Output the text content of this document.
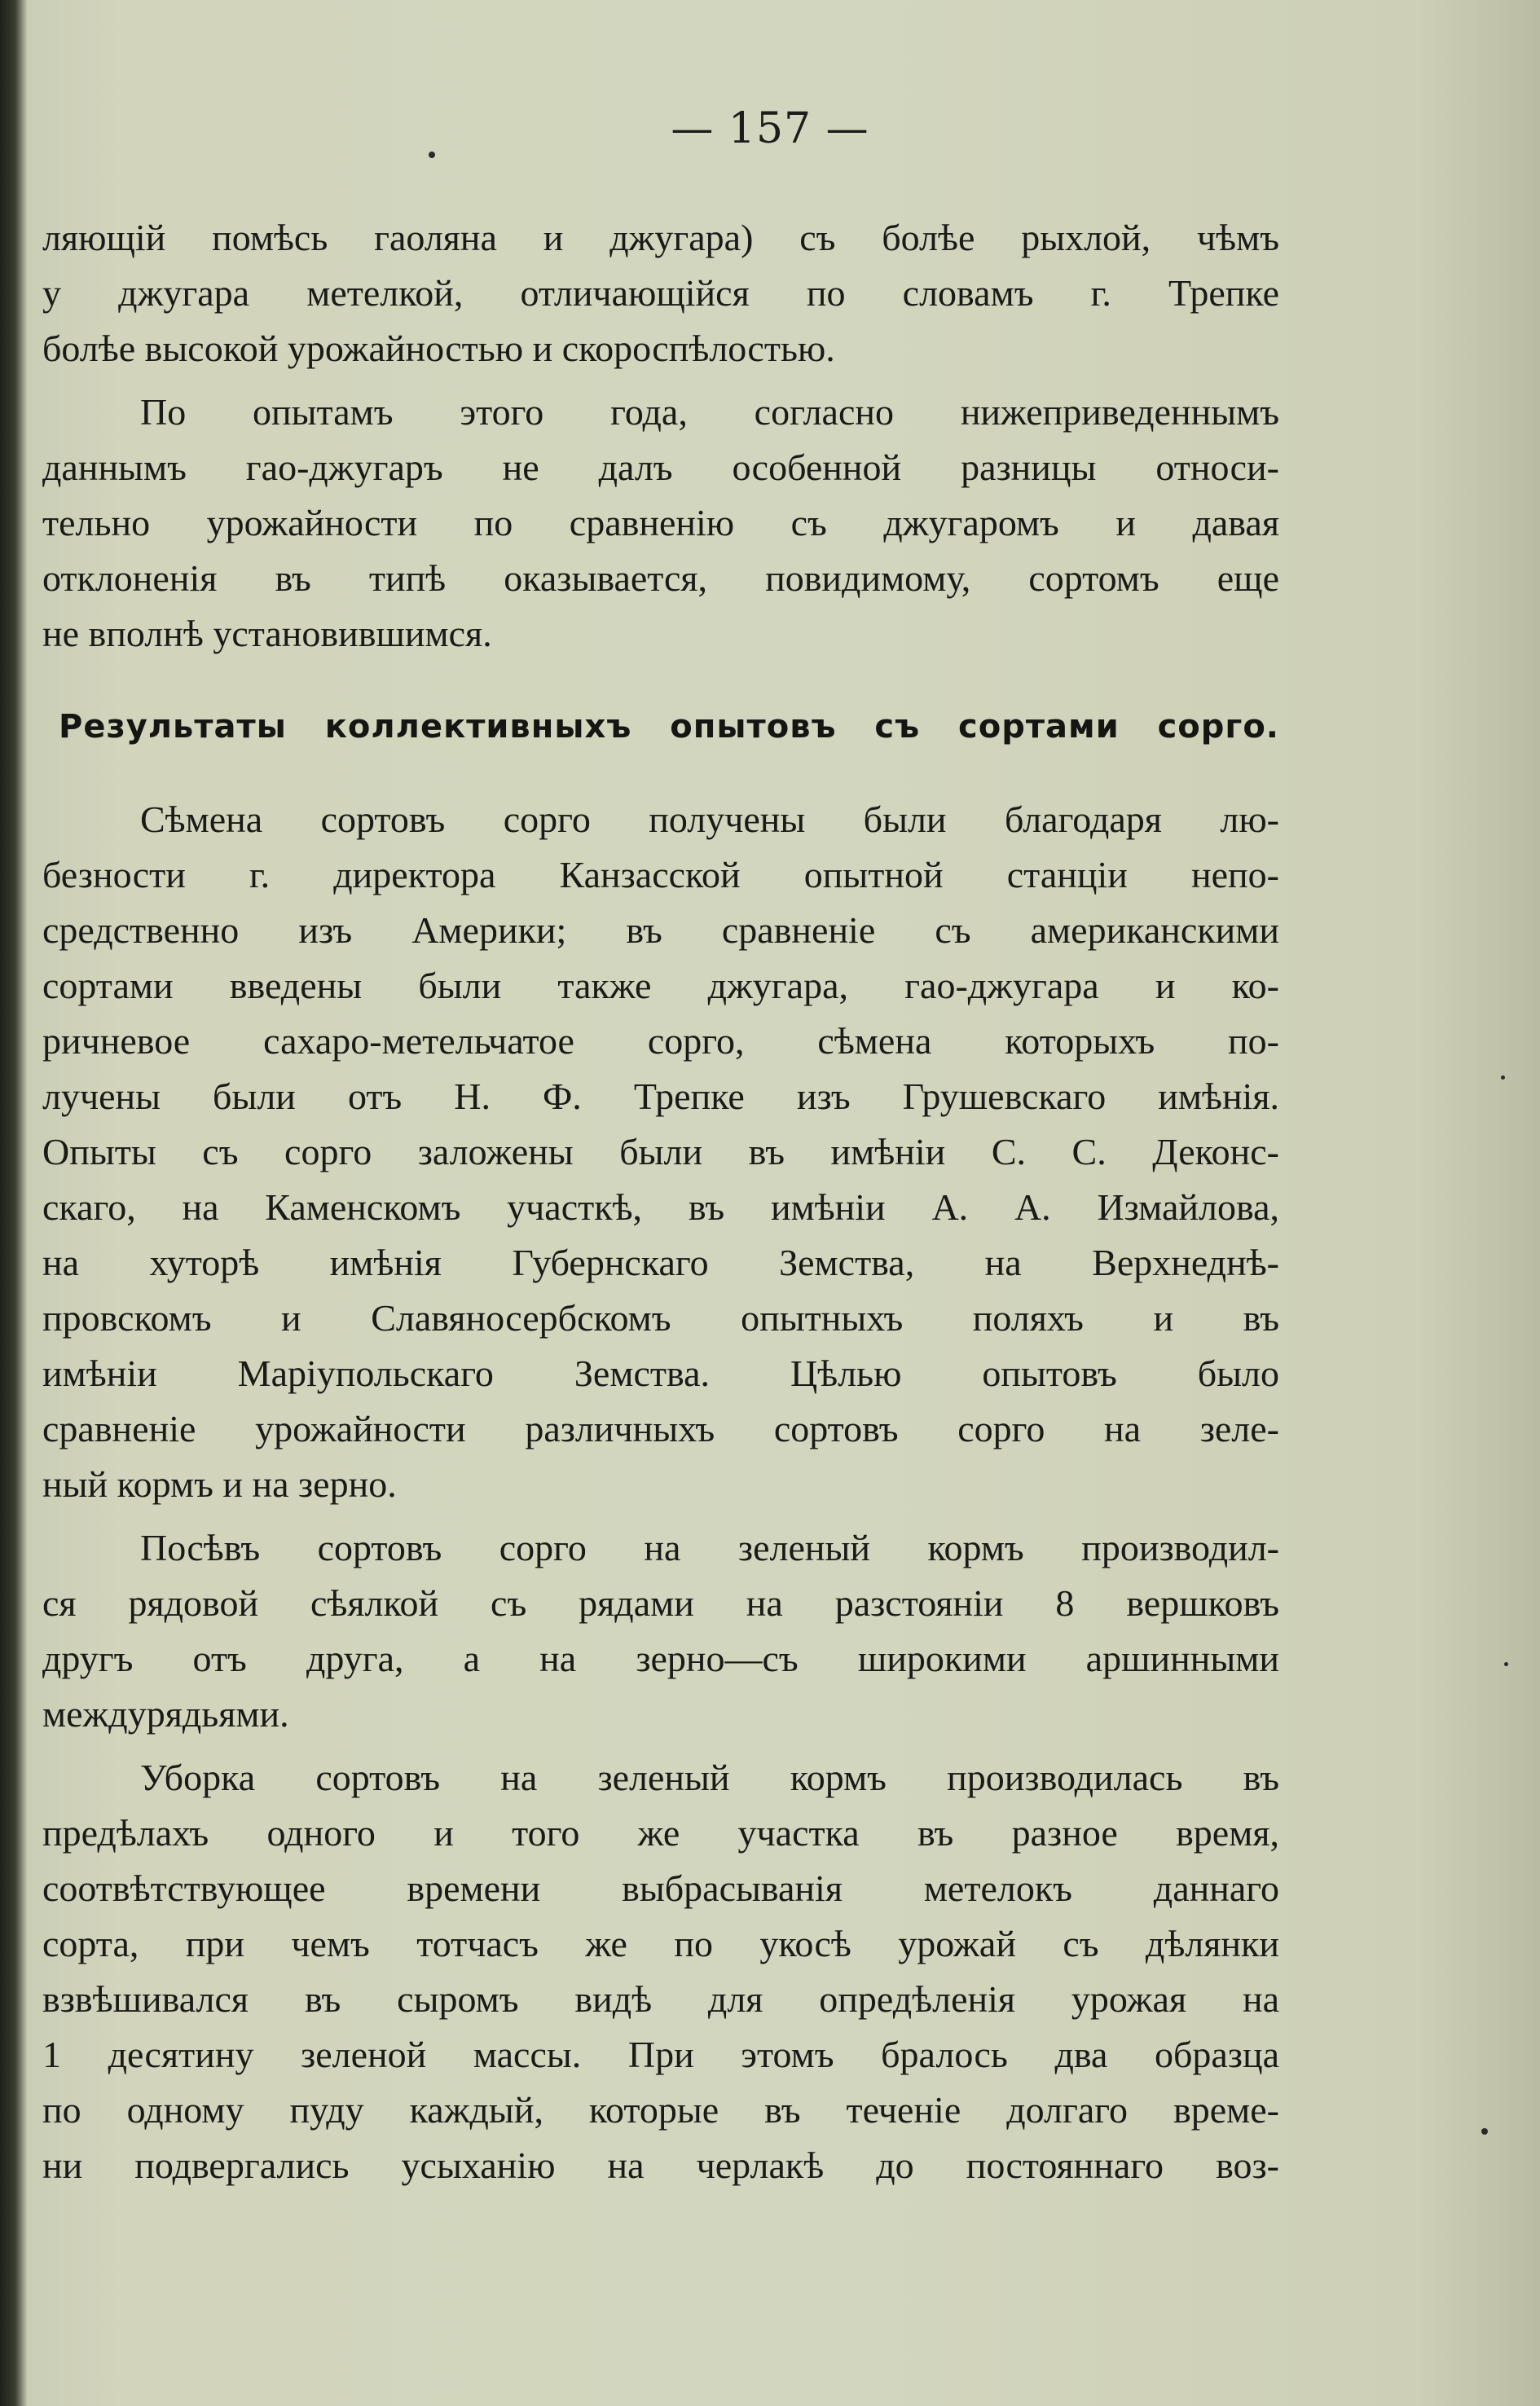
— 157 —
ляющій помѣсь гаоляна и джугара) съ болѣе рыхлой, чѣмъ
у джугара метелкой, отличающійся по словамъ г. Трепке
болѣе высокой урожайностью и скороспѣлостью.
По опытамъ этого года, согласно нижеприведеннымъ
даннымъ гао-джугаръ не далъ особенной разницы относи-
тельно урожайности по сравненію съ джугаромъ и давая
отклоненія въ типѣ оказывается, повидимому, сортомъ еще
не вполнѣ установившимся.
Результаты коллективныхъ опытовъ съ сортами сорго.
Сѣмена сортовъ сорго получены были благодаря лю-
безности г. директора Канзасской опытной станціи непо-
средственно изъ Америки; въ сравненіе съ американскими
сортами введены были также джугара, гао-джугара и ко-
ричневое сахаро-метельчатое сорго, сѣмена которыхъ по-
лучены были отъ Н. Ф. Трепке изъ Грушевскаго имѣнія.
Опыты съ сорго заложены были въ имѣніи С. С. Деконс-
скаго, на Каменскомъ участкѣ, въ имѣніи А. А. Измайлова,
на хуторѣ имѣнія Губернскаго Земства, на Верхнеднѣ-
провскомъ и Славяносербскомъ опытныхъ поляхъ и въ
имѣніи Маріупольскаго Земства. Цѣлью опытовъ было
сравненіе урожайности различныхъ сортовъ сорго на зеле-
ный кормъ и на зерно.
Посѣвъ сортовъ сорго на зеленый кормъ производил-
ся рядовой сѣялкой съ рядами на разстояніи 8 вершковъ
другъ отъ друга, а на зерно—съ широкими аршинными
междурядьями.
Уборка сортовъ на зеленый кормъ производилась въ
предѣлахъ одного и того же участка въ разное время,
соотвѣтствующее времени выбрасыванія метелокъ даннаго
сорта, при чемъ тотчасъ же по укосѣ урожай съ дѣлянки
взвѣшивался въ сыромъ видѣ для опредѣленія урожая на
1 десятину зеленой массы. При этомъ бралось два образца
по одному пуду каждый, которые въ теченіе долгаго време-
ни подвергались усыханію на черлакѣ до постояннаго воз-
